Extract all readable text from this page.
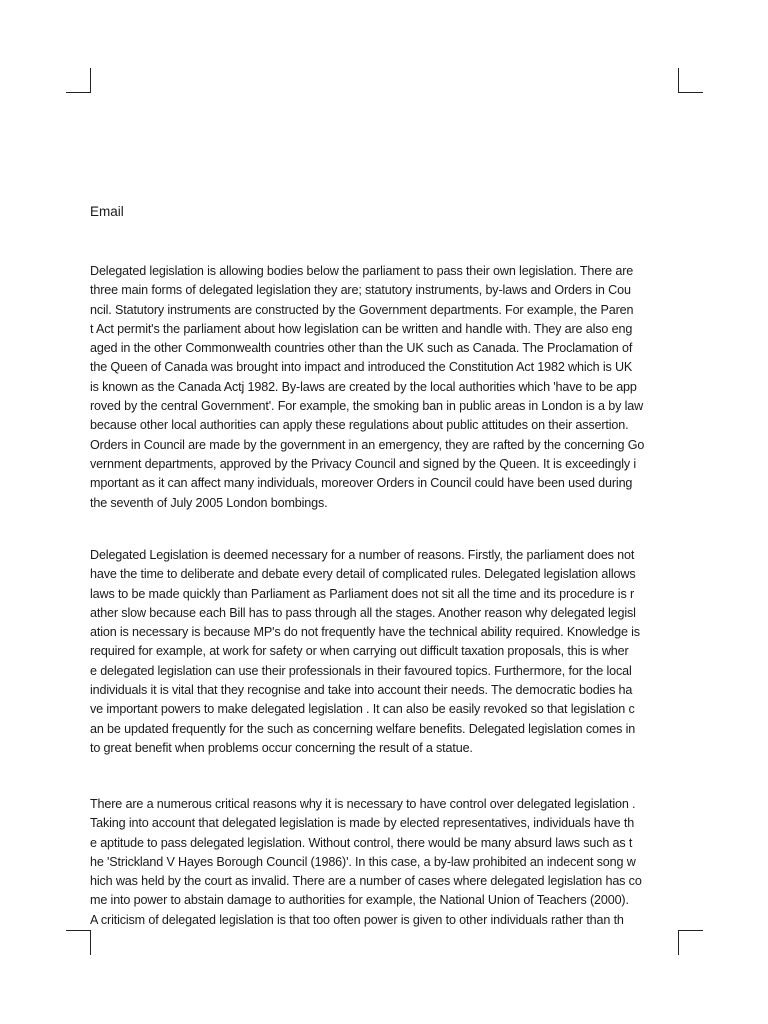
Email
Delegated legislation is allowing bodies below the parliament to pass their own legislation. There are
three main forms of delegated legislation they are; statutory instruments, by-laws and Orders in Cou
ncil. Statutory instruments are constructed by the Government departments. For example, the Paren
t Act permit's the parliament about how legislation can be written and handle with. They are also eng
aged in the other Commonwealth countries other than the UK such as Canada. The Proclamation of
the Queen of Canada was brought into impact and introduced the Constitution Act 1982 which is UK
is known as the Canada Actj 1982. By-laws are created by the local authorities which 'have to be app
roved by the central Government'. For example, the smoking ban in public areas in London is a by law
because other local authorities can apply these regulations about public attitudes on their assertion.
Orders in Council are made by the government in an emergency, they are rafted by the concerning Go
vernment departments, approved by the Privacy Council and signed by the Queen. It is exceedingly i
mportant as it can affect many individuals, moreover Orders in Council could have been used during
the seventh of July 2005 London bombings.
Delegated Legislation is deemed necessary for a number of reasons. Firstly, the parliament does not
have the time to deliberate and debate every detail of complicated rules. Delegated legislation allows
laws to be made quickly than Parliament as Parliament does not sit all the time and its procedure is r
ather slow because each Bill has to pass through all the stages. Another reason why delegated legisl
ation is necessary is because MP's do not frequently have the technical ability required. Knowledge is
required for example, at work for safety or when carrying out difficult taxation proposals, this is wher
e delegated legislation can use their professionals in their favoured topics. Furthermore, for the local
individuals it is vital that they recognise and take into account their needs. The democratic bodies ha
ve important powers to make delegated legislation . It can also be easily revoked so that legislation c
an be updated frequently for the such as concerning welfare benefits. Delegated legislation comes in
to great benefit when problems occur concerning the result of a statue.
There are a numerous critical reasons why it is necessary to have control over delegated legislation .
Taking into account that delegated legislation is made by elected representatives, individuals have th
e aptitude to pass delegated legislation. Without control, there would be many absurd laws such as t
he 'Strickland V Hayes Borough Council (1986)'. In this case, a by-law prohibited an indecent song w
hich was held by the court as invalid. There are a number of cases where delegated legislation has co
me into power to abstain damage to authorities for example, the National Union of Teachers (2000).
A criticism of delegated legislation is that too often power is given to other individuals rather than th
